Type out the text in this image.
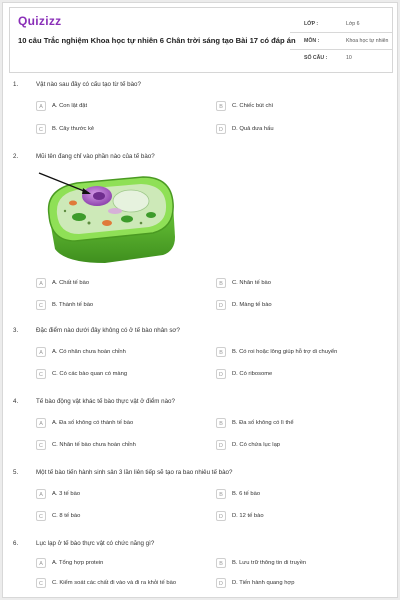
Quizizz
10 câu Trắc nghiệm Khoa học tự nhiên 6 Chân trời sáng tạo Bài 17 có đáp án
LỚP :	Lớp 6
MÔN :	Khoa học tự nhiên
SỐ CÂU :	10
1.	Vật nào sau đây có cấu tạo từ tế bào?
A	A. Con lật đật	B	C. Chiếc bút chì
C	B. Cây thước kẻ	D	D. Quả dưa hấu
2.	Mũi tên đang chỉ vào phần nào của tế bào?
A	A. Chất tế bào	B	C. Nhân tế bào
C	B. Thành tế bào	D	D. Màng tế bào
3.	Đặc điểm nào dưới đây không có ở tế bào nhân sơ?
A	A. Có nhân chưa hoàn chỉnh	B	B. Có roi hoặc lông giúp hỗ trợ di chuyển
C	C. Có các bào quan có màng	D	D. Có ribosome
4.	Tế bào động vật khác tế bào thực vật ở điểm nào?
A	A. Đa số không có thành tế bào	B	B. Đa số không có lì thể
C	C. Nhân tế bào chưa hoàn chỉnh	D	D. Có chứa lục lạp
5.	Một tế bào tiến hành sinh sản 3 lần liên tiếp sẽ tạo ra bao nhiêu tế bào?
A	A. 3 tế bào	B	B. 6 tế bào
C	C. 8 tế bào	D	D. 12 tế bào
6.	Lục lạp ở tế bào thực vật có chức năng gì?
A	A. Tổng hợp protein	B	B. Lưu trữ thông tin di truyền
C	C. Kiểm soát các chất đi vào và đi ra khỏi tế bào	D	D. Tiến hành quang hợp
